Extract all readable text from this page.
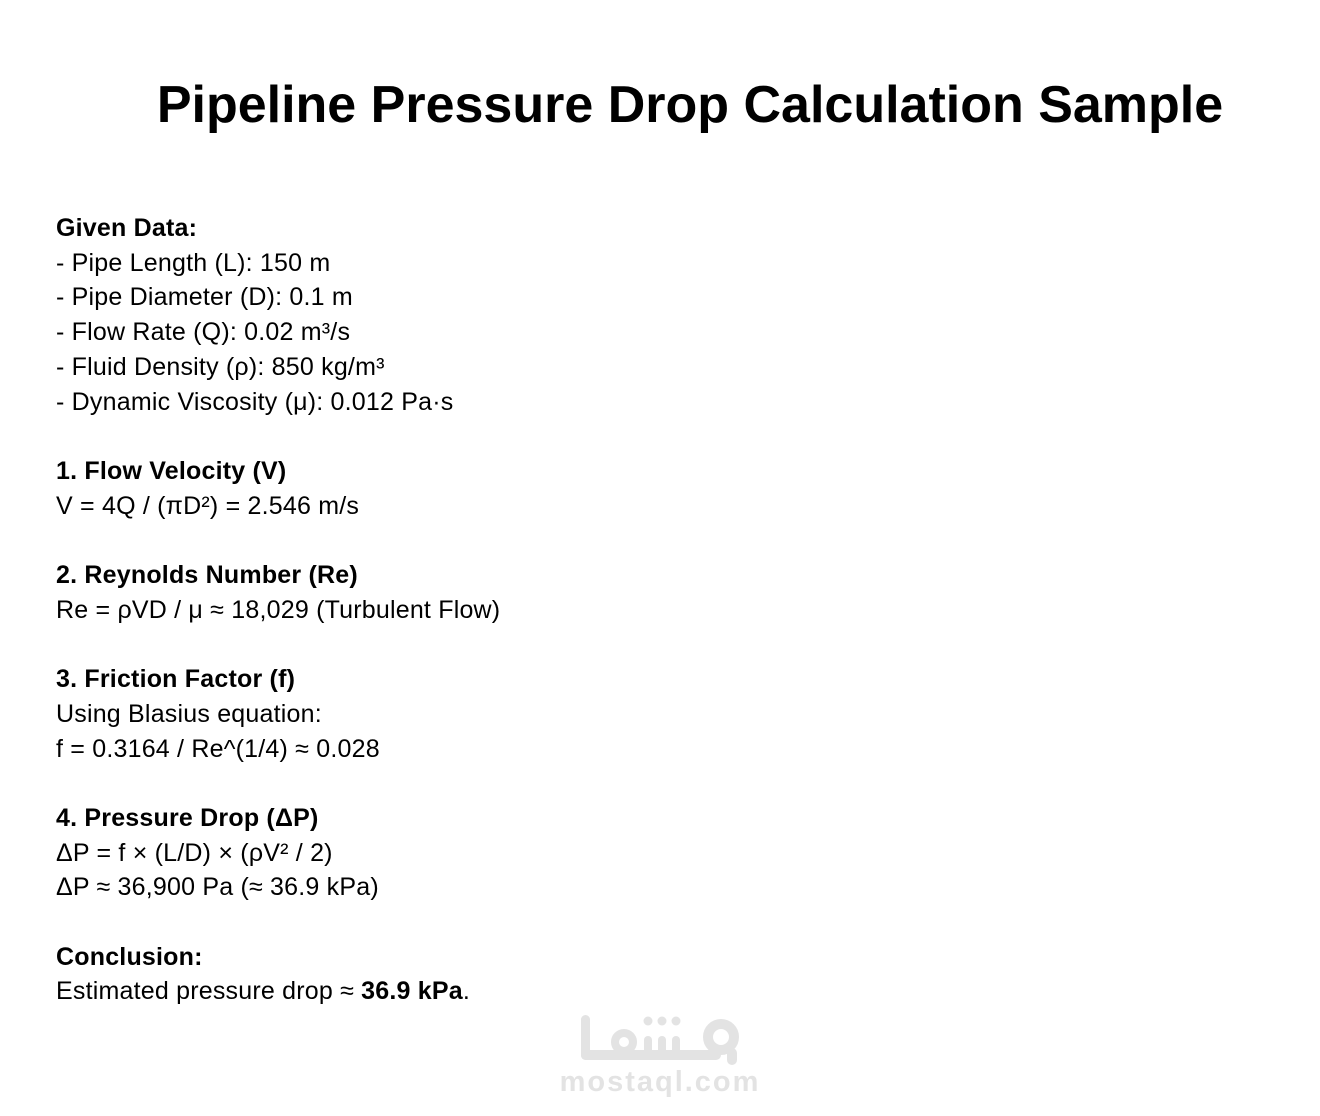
Pipeline Pressure Drop Calculation Sample
Given Data:
- Pipe Length (L): 150 m
- Pipe Diameter (D): 0.1 m
- Flow Rate (Q): 0.02 m³/s
- Fluid Density (ρ): 850 kg/m³
- Dynamic Viscosity (μ): 0.012 Pa·s
1. Flow Velocity (V)
V = 4Q / (πD²) = 2.546 m/s
2. Reynolds Number (Re)
Re = ρVD / μ ≈ 18,029 (Turbulent Flow)
3. Friction Factor (f)
Using Blasius equation:
f = 0.3164 / Re^(1/4) ≈ 0.028
4. Pressure Drop (ΔP)
ΔP = f × (L/D) × (ρV² / 2)
ΔP ≈ 36,900 Pa (≈ 36.9 kPa)
Conclusion:
Estimated pressure drop ≈ 36.9 kPa.
mostaql.com
